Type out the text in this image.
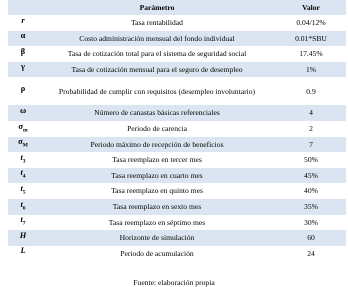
	Parámetro	Valor
r	Tasa rentabilidad	0.04/12%
α	Costo administración mensual del fondo individual	0.01*SBU
β	Tasa de cotización total para el sistema de seguridad social	17.45%
γ	Tasa de cotización mensual para el seguro de desempleo	1%
ρ	Probabilidad de cumplir con requisitos (desempleo involuntario)	0.9
ω	Número de canastas básicas referenciales	4
$\sigma_m$	Periodo de carencia	2
$\sigma_M$	Periodo máximo de recepción de beneficios	7
$t_3$	Tasa reemplazo en tercer mes	50%
$t_4$	Tasa reemplazo en cuarto mes	45%
$t_5$	Tasa reemplazo en quinto mes	40%
$t_6$	Tasa reemplazo en sexto mes	35%
$t_7$	Tasa reemplazo en séptimo mes	30%
H	Horizonte de simulación	60
L	Periodo de acumulación	24
Fuente: elaboración propia
